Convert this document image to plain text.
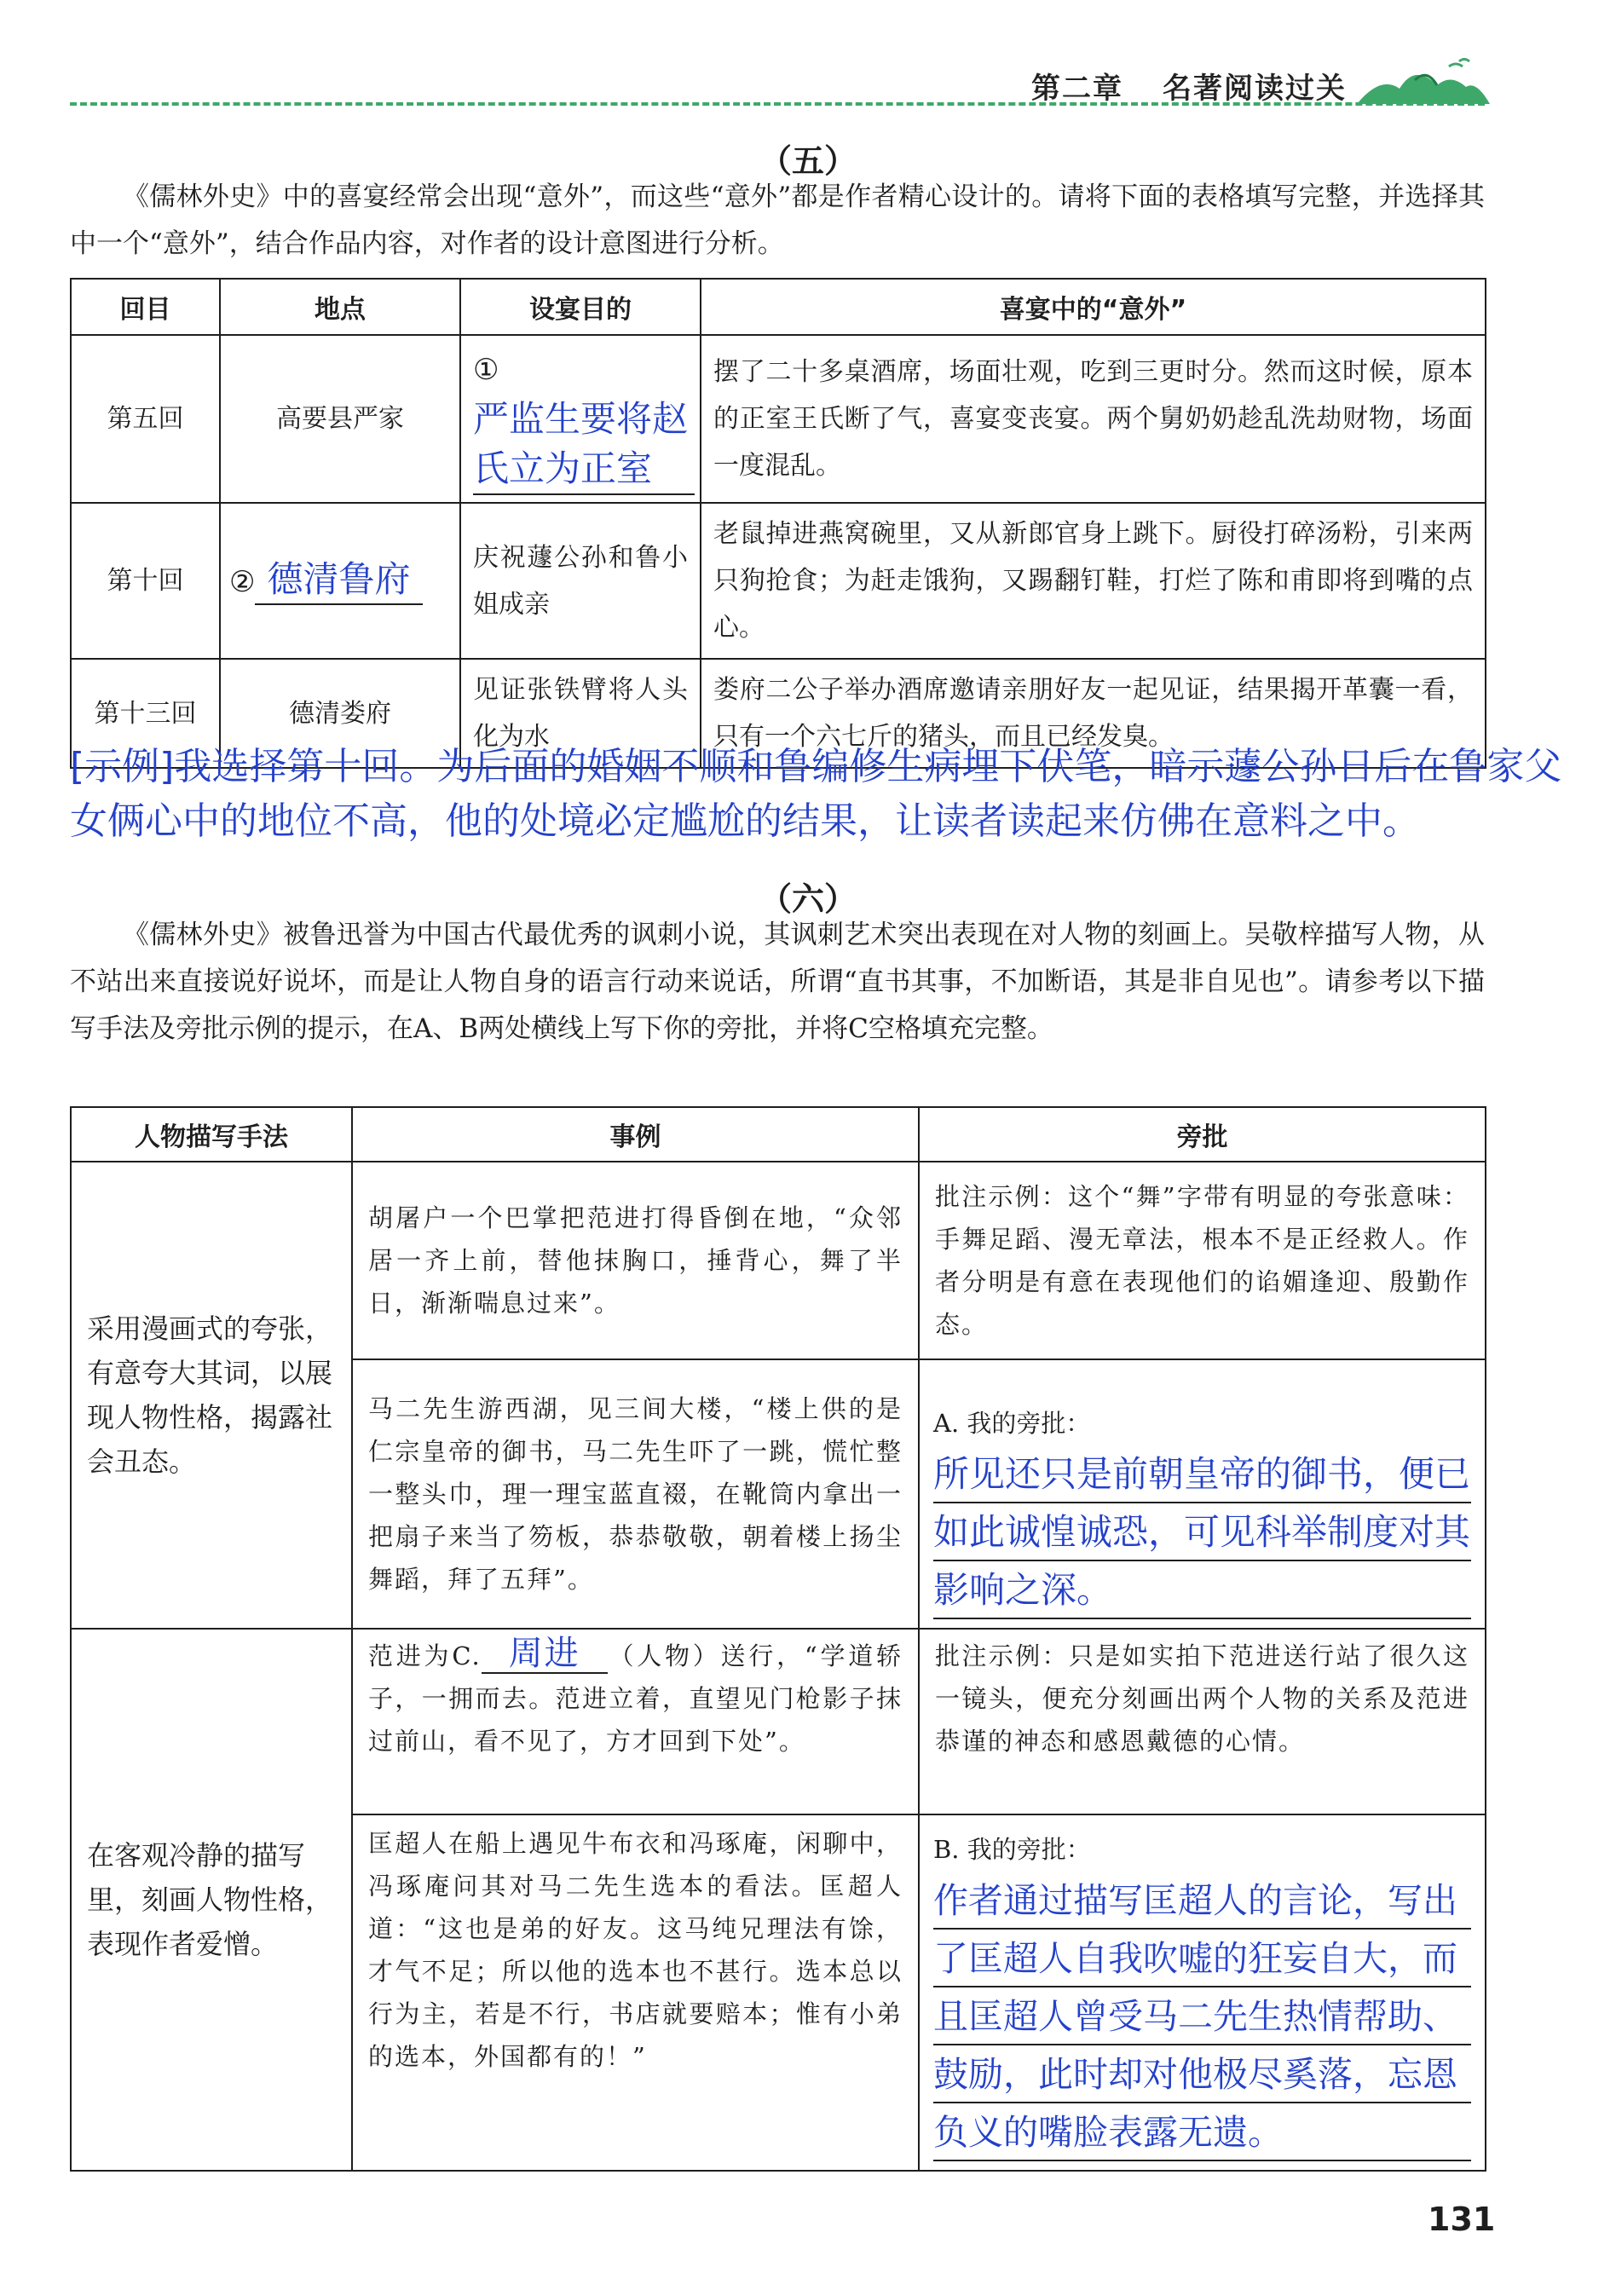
第二章 名著阅读过关
（五）
《儒林外史》中的喜宴经常会出现“意外”，而这些“意外”都是作者精心设计的。请将下面的表格填写完整，并选择其中一个“意外”，结合作品内容，对作者的设计意图进行分析。
回目	地点	设宴目的	喜宴中的“意外”
第五回	高要县严家	①严监生要将赵氏立为正室	摆了二十多桌酒席，场面壮观，吃到三更时分。然而这时候，原本的正室王氏断了气，喜宴变丧宴。两个舅奶奶趁乱洗劫财物，场面一度混乱。
第十回	② 德清鲁府	庆祝蘧公孙和鲁小姐成亲	老鼠掉进燕窝碗里，又从新郎官身上跳下。厨役打碎汤粉，引来两只狗抢食；为赶走饿狗，又踢翻钉鞋，打烂了陈和甫即将到嘴的点心。
第十三回	德清娄府	见证张铁臂将人头化为水	娄府二公子举办酒席邀请亲朋好友一起见证，结果揭开革囊一看，只有一个六七斤的猪头，而且已经发臭。
[示例]我选择第十回。为后面的婚姻不顺和鲁编修生病埋下伏笔，暗示蘧公孙日后在鲁家父女俩心中的地位不高，他的处境必定尴尬的结果，让读者读起来仿佛在意料之中。
（六）
《儒林外史》被鲁迅誉为中国古代最优秀的讽刺小说，其讽刺艺术突出表现在对人物的刻画上。吴敬梓描写人物，从不站出来直接说好说坏，而是让人物自身的语言行动来说话，所谓“直书其事，不加断语，其是非自见也”。请参考以下描写手法及旁批示例的提示，在A、B两处横线上写下你的旁批，并将C空格填充完整。
人物描写手法	事例	旁批
采用漫画式的夸张，有意夸大其词，以展现人物性格，揭露社会丑态。	胡屠户一个巴掌把范进打得昏倒在地，“众邻居一齐上前，替他抹胸口，捶背心，舞了半日，渐渐喘息过来”。	批注示例：这个“舞”字带有明显的夸张意味：手舞足蹈、漫无章法，根本不是正经救人。作者分明是有意在表现他们的谄媚逢迎、殷勤作态。
	马二先生游西湖，见三间大楼，“楼上供的是仁宗皇帝的御书，马二先生吓了一跳，慌忙整一整头巾，理一理宝蓝直裰，在靴筒内拿出一把扇子来当了笏板，恭恭敬敬，朝着楼上扬尘舞蹈，拜了五拜”。	A. 我的旁批：
所见还只是前朝皇帝的御书，便已如此诚惶诚恐，可见科举制度对其影响之深。

在客观冷静的描写里，刻画人物性格，表现作者爱憎。	范进为C. 周进 （人物）送行，“学道轿子，一拥而去。范进立着，直望见门枪影子抹过前山，看不见了，方才回到下处”。	批注示例：只是如实拍下范进送行站了很久这一镜头，便充分刻画出两个人物的关系及范进恭谨的神态和感恩戴德的心情。
	匡超人在船上遇见牛布衣和冯琢庵，闲聊中，冯琢庵问其对马二先生选本的看法。匡超人道：“这也是弟的好友。这马纯兄理法有馀，才气不足；所以他的选本也不甚行。选本总以行为主，若是不行，书店就要赔本；惟有小弟的选本，外国都有的！”	B. 我的旁批：
作者通过描写匡超人的言论，写出了匡超人自我吹嘘的狂妄自大，而且匡超人曾受马二先生热情帮助、鼓励，此时却对他极尽奚落，忘恩负义的嘴脸表露无遗。
131
